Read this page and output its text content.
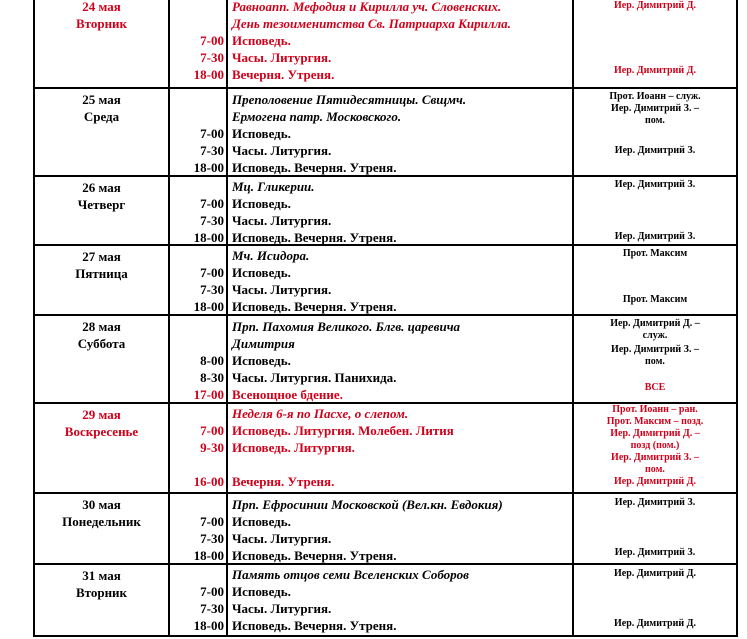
24 мая
Вторник
Равноапп. Мефодия и Кирилла уч. Словенских.
День тезоименитства Св. Патриарха Кирилла.
Исповедь.
Часы. Литургия.
Вечерня. Утреня.
7-00
7-30
18-00
Иер. Димитрий Д.
Иер. Димитрий Д.
25 мая
Среда
Преполовение Пятидесятницы. Свщмч.
Ермогена патр. Московского.
Исповедь.
Часы. Литургия.
Исповедь. Вечерня. Утреня.
7-00
7-30
18-00
Прот. Иоанн – служ.
Иер. Димитрий З. –
пом.
Иер. Димитрий З.
26 мая
Четверг
Мц. Гликерии.
Исповедь.
Часы. Литургия.
Исповедь. Вечерня. Утреня.
7-00
7-30
18-00
Иер. Димитрий З.
Иер. Димитрий З.
27 мая
Пятница
Мч. Исидора.
Исповедь.
Часы. Литургия.
Исповедь. Вечерня. Утреня.
7-00
7-30
18-00
Прот. Максим
Прот. Максим
28 мая
Суббота
Прп. Пахомия Великого. Блгв. царевича
Димитрия
Исповедь.
Часы. Литургия. Панихида.
Всенощное бдение.
8-00
8-30
17-00
Иер. Димитрий Д. –
служ.
Иер. Димитрий З. –
пом.
ВСЕ
29 мая
Воскресенье
Неделя 6-я по Пасхе, о слепом.
Исповедь. Литургия. Молебен. Лития
Исповедь. Литургия.
Вечерня. Утреня.
7-00
9-30
16-00
Прот. Иоанн – ран.
Прот. Максим – позд.
Иер. Димитрий Д. –
позд (пом.)
Иер. Димитрий З. –
пом.
Иер. Димитрий Д.
30 мая
Понедельник
Прп. Ефросинии Московской (Вел.кн. Евдокия)
Исповедь.
Часы. Литургия.
Исповедь. Вечерня. Утреня.
7-00
7-30
18-00
Иер. Димитрий З.
Иер. Димитрий З.
31 мая
Вторник
Память отцов семи Вселенских Соборов
Исповедь.
Часы. Литургия.
Исповедь. Вечерня. Утреня.
7-00
7-30
18-00
Иер. Димитрий Д.
Иер. Димитрий Д.
